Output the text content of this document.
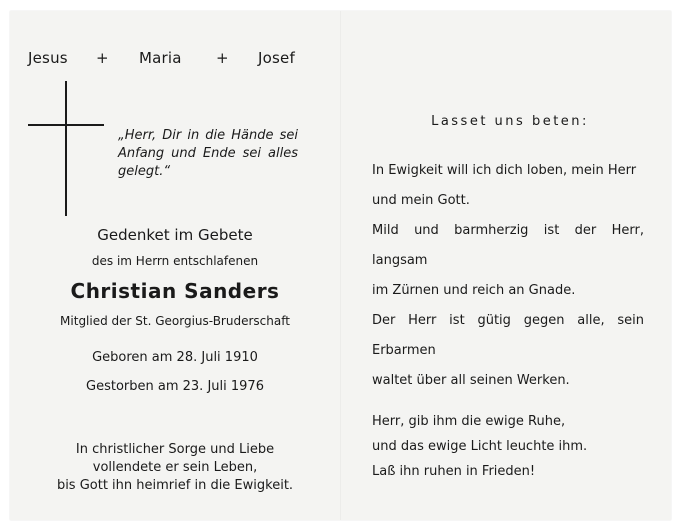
Jesus + Maria + Josef
„Herr, Dir in die Hände sei Anfang und Ende sei alles gelegt.“
Gedenket im Gebete
des im Herrn entschlafenen
Christian Sanders
Mitglied der St. Georgius-Bruderschaft
Geboren am 28. Juli 1910
Gestorben am 23. Juli 1976
In christlicher Sorge und Liebe
vollendete er sein Leben,
bis Gott ihn heimrief in die Ewigkeit.
Lasset uns beten:
In Ewigkeit will ich dich loben, mein Herr
und mein Gott.
Mild und barmherzig ist der Herr, langsam
im Zürnen und reich an Gnade.
Der Herr ist gütig gegen alle, sein Erbarmen
waltet über all seinen Werken.
Herr, gib ihm die ewige Ruhe,
und das ewige Licht leuchte ihm.
Laß ihn ruhen in Frieden!
